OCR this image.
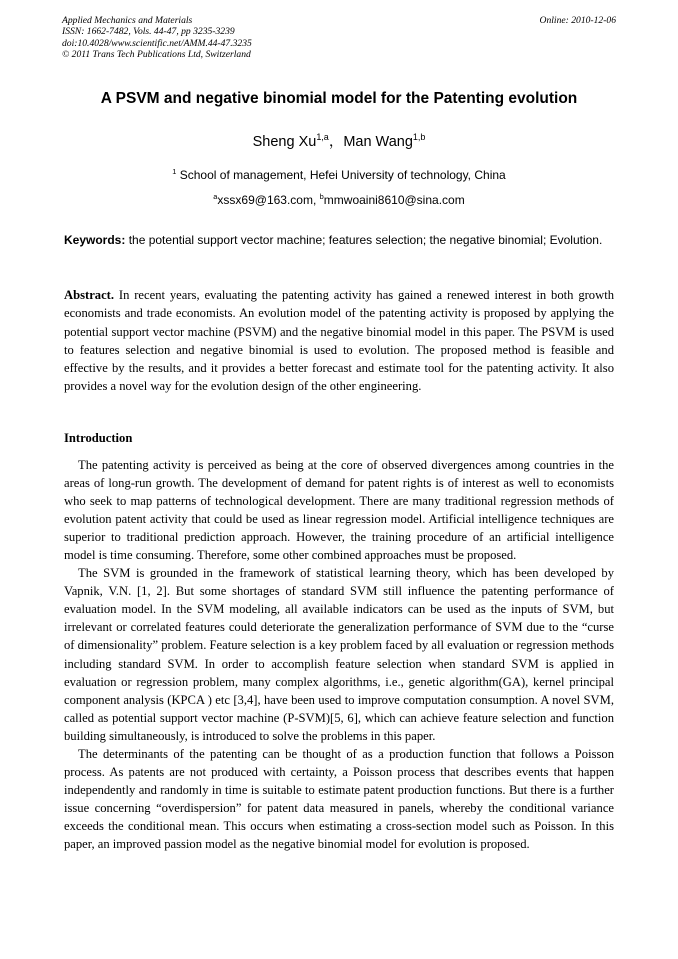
Applied Mechanics and Materials
ISSN: 1662-7482, Vols. 44-47, pp 3235-3239
doi:10.4028/www.scientific.net/AMM.44-47.3235
© 2011 Trans Tech Publications Ltd, Switzerland
Online: 2010-12-06
A PSVM and negative binomial model for the Patenting evolution
Sheng Xu$^{1,a}$，Man Wang$^{1,b}$
$^1$ School of management, Hefei University of technology, China
$^a$xssx69@163.com, $^b$mmwoaini8610@sina.com
Keywords: the potential support vector machine; features selection; the negative binomial; Evolution.
Abstract. In recent years, evaluating the patenting activity has gained a renewed interest in both growth economists and trade economists. An evolution model of the patenting activity is proposed by applying the potential support vector machine (PSVM) and the negative binomial model in this paper. The PSVM is used to features selection and negative binomial is used to evolution. The proposed method is feasible and effective by the results, and it provides a better forecast and estimate tool for the patenting activity. It also provides a novel way for the evolution design of the other engineering.
Introduction

The patenting activity is perceived as being at the core of observed divergences among countries in the areas of long-run growth. The development of demand for patent rights is of interest as well to economists who seek to map patterns of technological development. There are many traditional regression methods of evolution patent activity that could be used as linear regression model. Artificial intelligence techniques are superior to traditional prediction approach. However, the training procedure of an artificial intelligence model is time consuming. Therefore, some other combined approaches must be proposed.

The SVM is grounded in the framework of statistical learning theory, which has been developed by Vapnik, V.N. [1, 2]. But some shortages of standard SVM still influence the patenting performance of evaluation model. In the SVM modeling, all available indicators can be used as the inputs of SVM, but irrelevant or correlated features could deteriorate the generalization performance of SVM due to the “curse of dimensionality” problem. Feature selection is a key problem faced by all evaluation or regression methods including standard SVM. In order to accomplish feature selection when standard SVM is applied in evaluation or regression problem, many complex algorithms, i.e., genetic algorithm(GA), kernel principal component analysis (KPCA ) etc [3,4], have been used to improve computation consumption. A novel SVM, called as potential support vector machine (P-SVM)[5, 6], which can achieve feature selection and function building simultaneously, is introduced to solve the problems in this paper.

The determinants of the patenting can be thought of as a production function that follows a Poisson process. As patents are not produced with certainty, a Poisson process that describes events that happen independently and randomly in time is suitable to estimate patent production functions. But there is a further issue concerning “overdispersion” for patent data measured in panels, whereby the conditional variance exceeds the conditional mean. This occurs when estimating a cross-section model such as Poisson. In this paper, an improved passion model as the negative binomial model for evolution is proposed.
